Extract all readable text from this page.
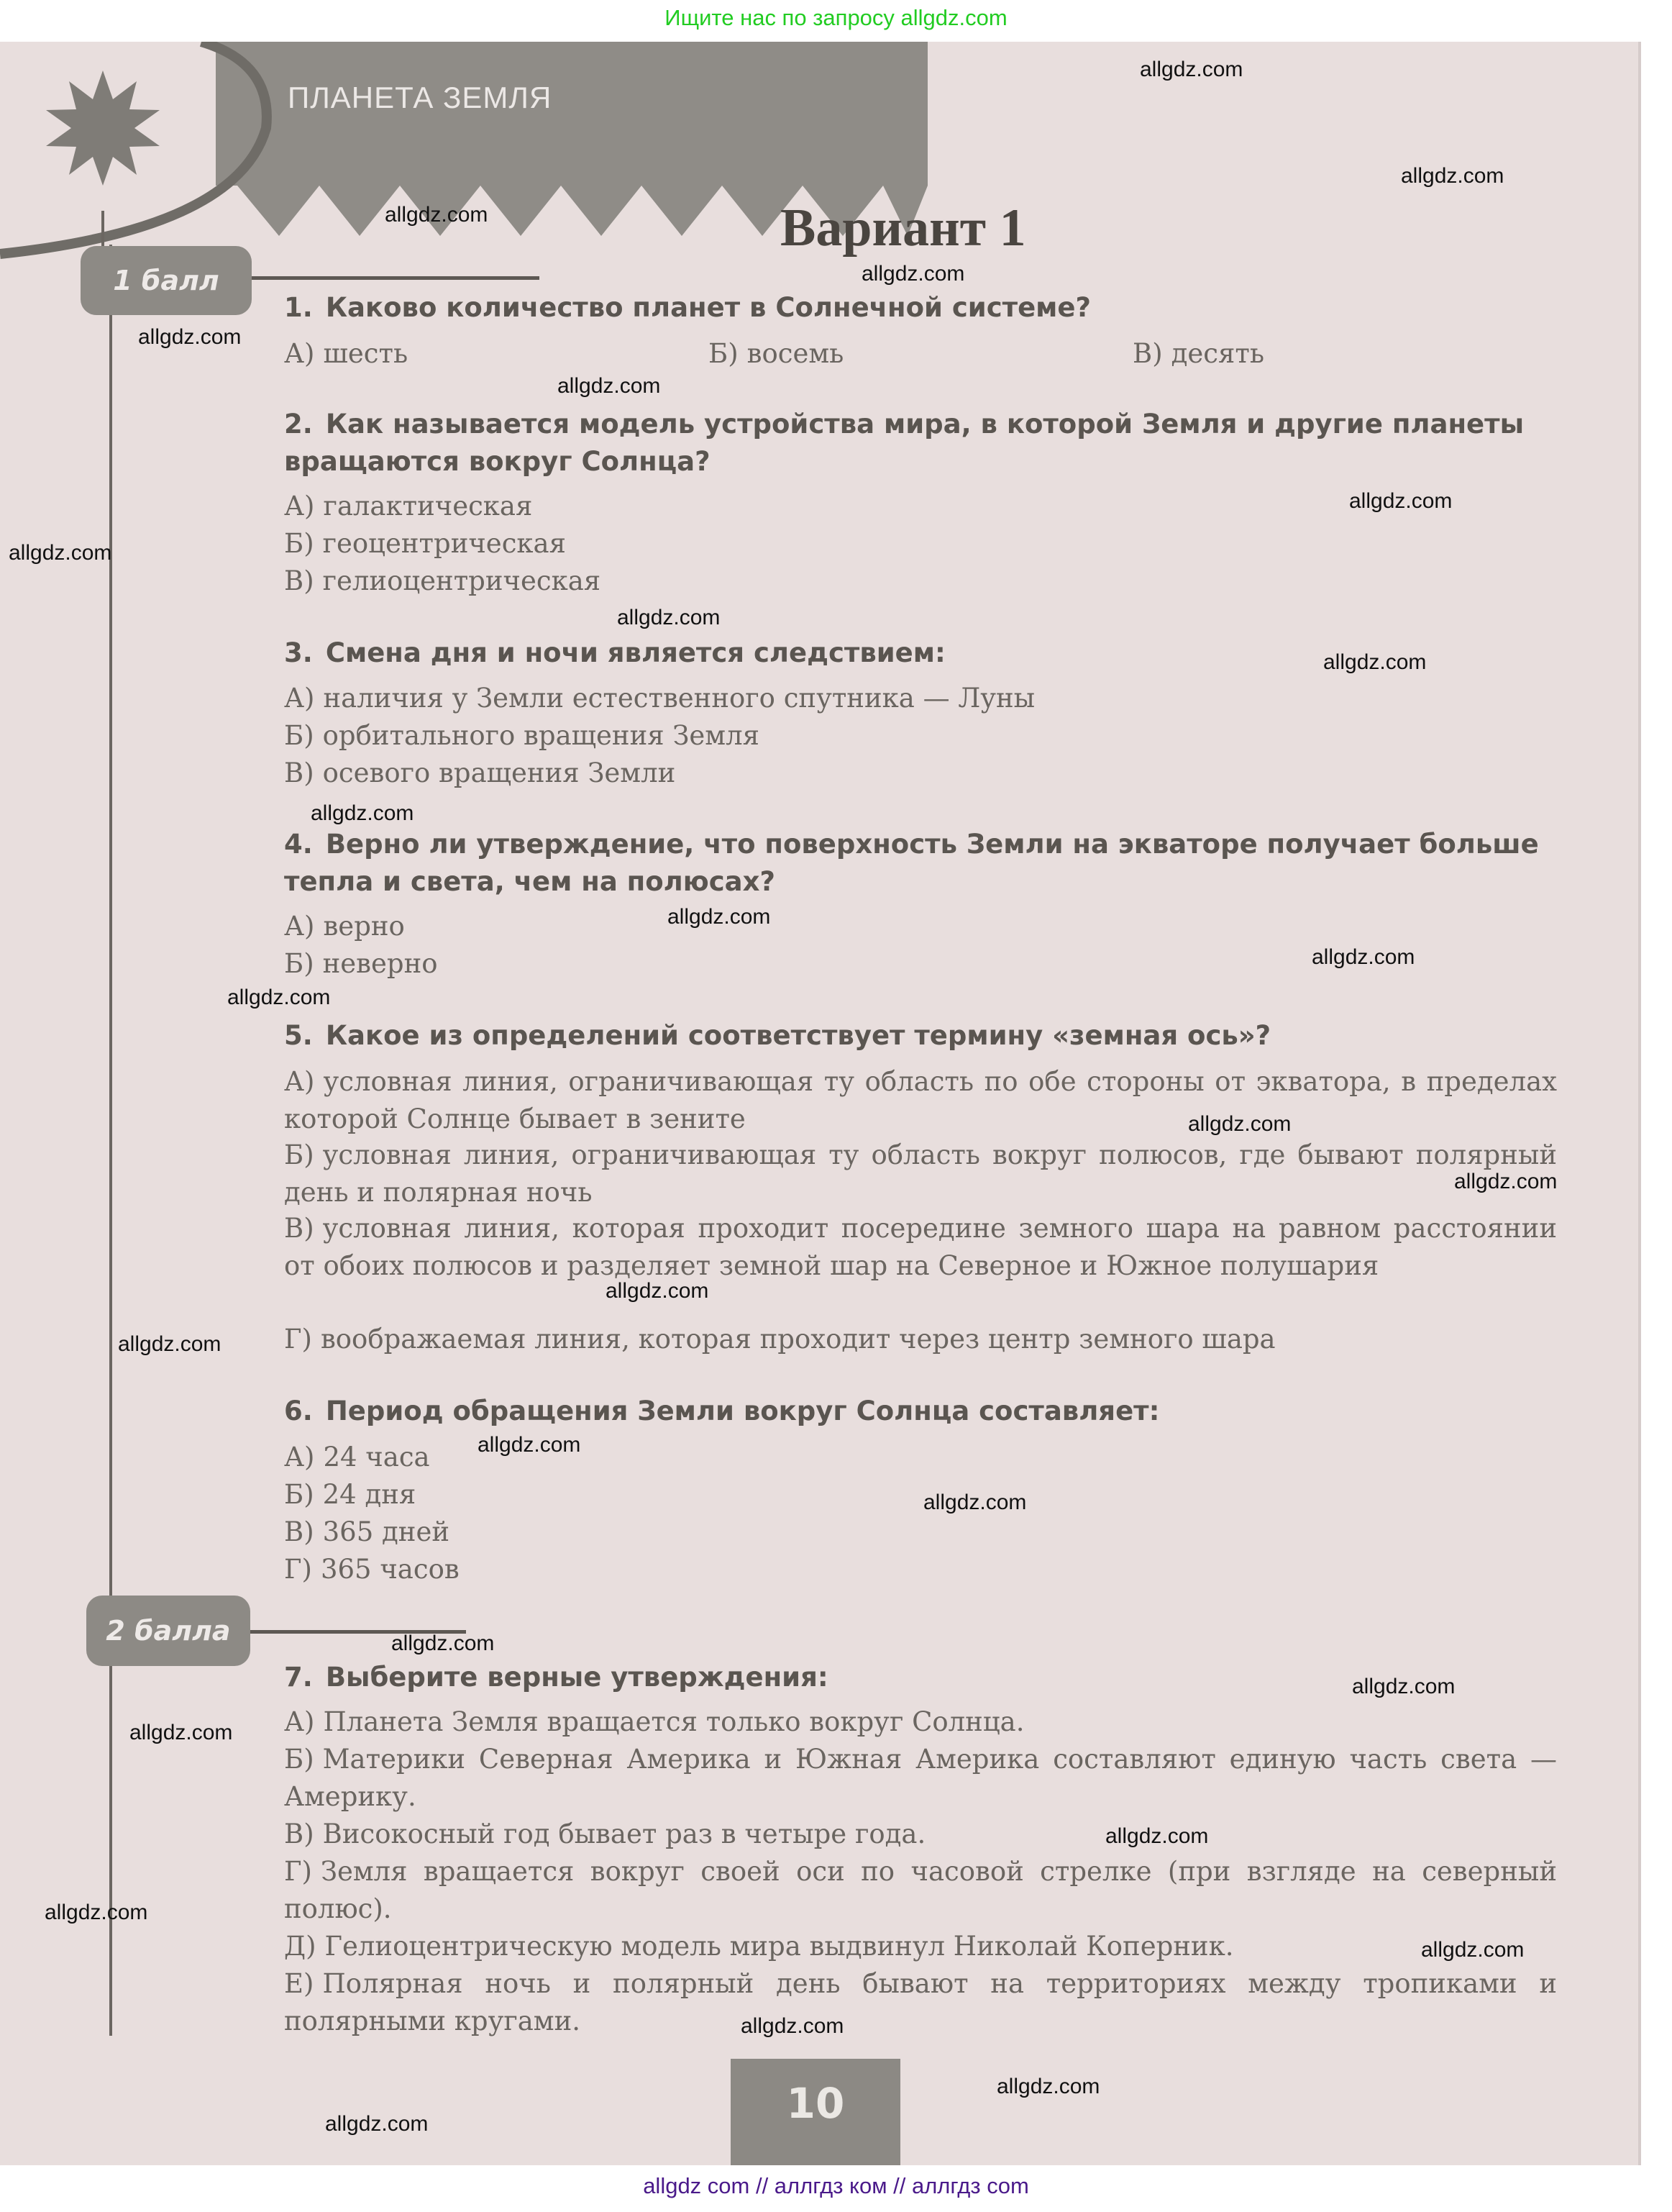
Ищите нас по запросу allgdz.com
ПЛАНЕТА ЗЕМЛЯ
Вариант 1
1 балл
1. Каково количество планет в Солнечной системе?
А) шесть	Б) восемь	В) десять
2. Как называется модель устройства мира, в которой Земля и другие планеты вращаются вокруг Солнца?
А) галактическая
Б) геоцентрическая
В) гелиоцентрическая
3. Смена дня и ночи является следствием:
А) наличия у Земли естественного спутника — Луны
Б) орбитального вращения Земля
В) осевого вращения Земли
4. Верно ли утверждение, что поверхность Земли на экваторе получает больше тепла и света, чем на полюсах?
А) верно
Б) неверно
5. Какое из определений соответствует термину «земная ось»?
А) условная линия, ограничивающая ту область по обе стороны от экватора, в пределах которой Солнце бывает в зените
Б) условная линия, ограничивающая ту область вокруг полюсов, где бывают полярный день и полярная ночь
В) условная линия, которая проходит посередине земного шара на равном расстоянии от обоих полюсов и разделяет земной шар на Северное и Южное полушария
Г) воображаемая линия, которая проходит через центр земного шара
6. Период обращения Земли вокруг Солнца составляет:
А) 24 часа
Б) 24 дня
В) 365 дней
Г) 365 часов
2 балла
7. Выберите верные утверждения:
А) Планета Земля вращается только вокруг Солнца.
Б) Материки Северная Америка и Южная Америка составляют единую часть света — Америку.
В) Високосный год бывает раз в четыре года.
Г) Земля вращается вокруг своей оси по часовой стрелке (при взгляде на северный полюс).
Д) Гелиоцентрическую модель мира выдвинул Николай Коперник.
Е) Полярная ночь и полярный день бывают на территориях между тропиками и полярными кругами.
10
allgdz.com
allgdz.com
allgdz.com
allgdz.com
allgdz.com
allgdz.com
allgdz.com
allgdz.com
allgdz.com
allgdz.com
allgdz.com
allgdz.com
allgdz.com
allgdz.com
allgdz.com
allgdz.com
allgdz.com
allgdz.com
allgdz.com
allgdz.com
allgdz.com
allgdz.com
allgdz.com
allgdz.com
allgdz.com
allgdz.com
allgdz.com
allgdz.com
allgdz.com
allgdz com // аллгдз ком // аллгдз com
